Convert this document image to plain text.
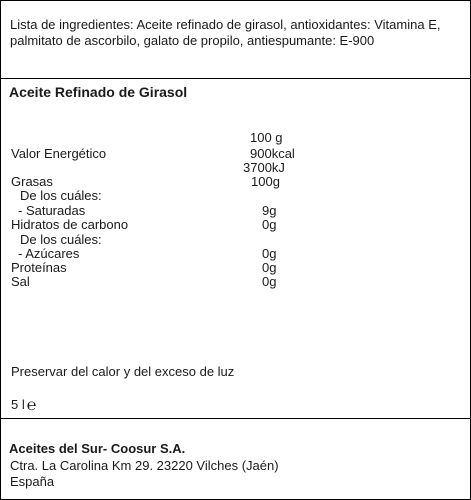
Lista de ingredientes: Aceite refinado de girasol, antioxidantes: Vitamina E,
palmitato de ascorbilo, galato de propilo, antiespumante: E-900
Aceite Refinado de Girasol
100 g
Valor Energético	900kcal
3700kJ
Grasas	100g
De los cuáles:
- Saturadas	9g
Hidratos de carbono	0g
De los cuáles:
- Azúcares	0g
Proteínas	0g
Sal	0g
Preservar del calor y del exceso de luz
5 l ℮
Aceites del Sur- Coosur S.A.
Ctra. La Carolina Km 29. 23220 Vilches (Jaén)
España
